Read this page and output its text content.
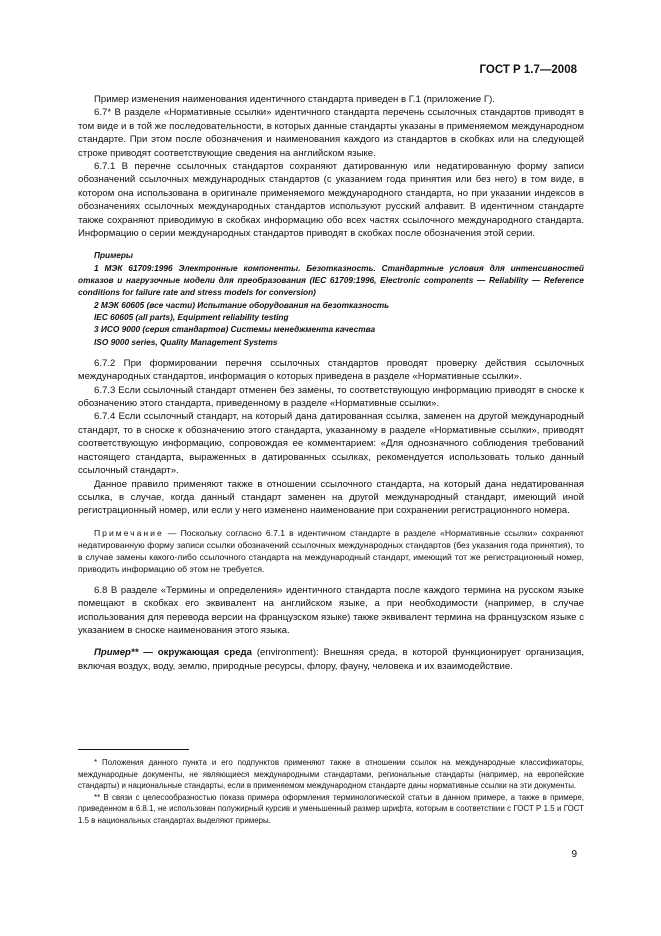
ГОСТ Р 1.7—2008

Пример изменения наименования идентичного стандарта приведен в Г.1 (приложение Г).

6.7* В разделе «Нормативные ссылки» идентичного стандарта перечень ссылочных стандартов приводят в том виде и в той же последовательности, в которых данные стандарты указаны в применяемом международном стандарте. При этом после обозначения и наименования каждого из стандартов в скобках или на следующей строке приводят соответствующие сведения на английском языке.

6.7.1 В перечне ссылочных стандартов сохраняют датированную или недатированную форму записи обозначений ссылочных международных стандартов (с указанием года принятия или без него) в том виде, в котором она использована в оригинале применяемого международного стандарта, но при указании индексов в обозначениях ссылочных международных стандартов используют русский алфавит. В идентичном стандарте также сохраняют приводимую в скобках информацию обо всех частях ссылочного международного стандарта. Информацию о серии международных стандартов приводят в скобках после обозначения этой серии.

Примеры

1 МЭК 61709:1996 Электронные компоненты. Безотказность. Стандартные условия для интенсивностей отказов и нагрузочные модели для преобразования (IEC 61709:1996, Electronic components — Reliability — Reference conditions for failure rate and stress models for conversion)

2 МЭК 60605 (все части) Испытание оборудования на безотказность

IEC 60605 (all parts), Equipment reliability testing

3 ИСО 9000 (серия стандартов) Системы менеджмента качества

ISO 9000 series, Quality Management Systems

6.7.2 При формировании перечня ссылочных стандартов проводят проверку действия ссылочных международных стандартов, информация о которых приведена в разделе «Нормативные ссылки».

6.7.3 Если ссылочный стандарт отменен без замены, то соответствующую информацию приводят в сноске к обозначению этого стандарта, приведенному в разделе «Нормативные ссылки».

6.7.4 Если ссылочный стандарт, на который дана датированная ссылка, заменен на другой международный стандарт, то в сноске к обозначению этого стандарта, указанному в разделе «Нормативные ссылки», приводят соответствующую информацию, сопровождая ее комментарием: «Для однозначного соблюдения требований настоящего стандарта, выраженных в датированных ссылках, рекомендуется использовать только данный ссылочный стандарт».

Данное правило применяют также в отношении ссылочного стандарта, на который дана недатированная ссылка, в случае, когда данный стандарт заменен на другой международный стандарт, имеющий иной регистрационный номер, или если у него изменено наименование при сохранении регистрационного номера.

Примечание — Поскольку согласно 6.7.1 в идентичном стандарте в разделе «Нормативные ссылки» сохраняют недатированную форму записи ссылки обозначений ссылочных международных стандартов (без указания года принятия), то в случае замены какого-либо ссылочного стандарта на международный стандарт, имеющий тот же регистрационный номер, приводить информацию об этом не требуется.

6.8 В разделе «Термины и определения» идентичного стандарта после каждого термина на русском языке помещают в скобках его эквивалент на английском языке, а при необходимости (например, в случае использования для перевода версии на французском языке) также эквивалент термина на французском языке с указанием в сноске наименования этого языка.

Пример** — окружающая среда (environment): Внешняя среда, в которой функционирует организация, включая воздух, воду, землю, природные ресурсы, флору, фауну, человека и их взаимодействие.

* Положения данного пункта и его подпунктов применяют также в отношении ссылок на международные классификаторы, международные документы, не являющиеся международными стандартами, региональные стандарты (например, на европейские стандарты) и национальные стандарты, если в применяемом международном стандарте даны нормативные ссылки на эти документы.

** В связи с целесообразностью показа примера оформления терминологической статьи в данном примере, а также в примере, приведенном в 6.8.1, не использован полужирный курсив и уменьшенный размер шрифта, которым в соответствии с ГОСТ Р 1.5 и ГОСТ 1.5 в национальных стандартах выделяют примеры.

9
